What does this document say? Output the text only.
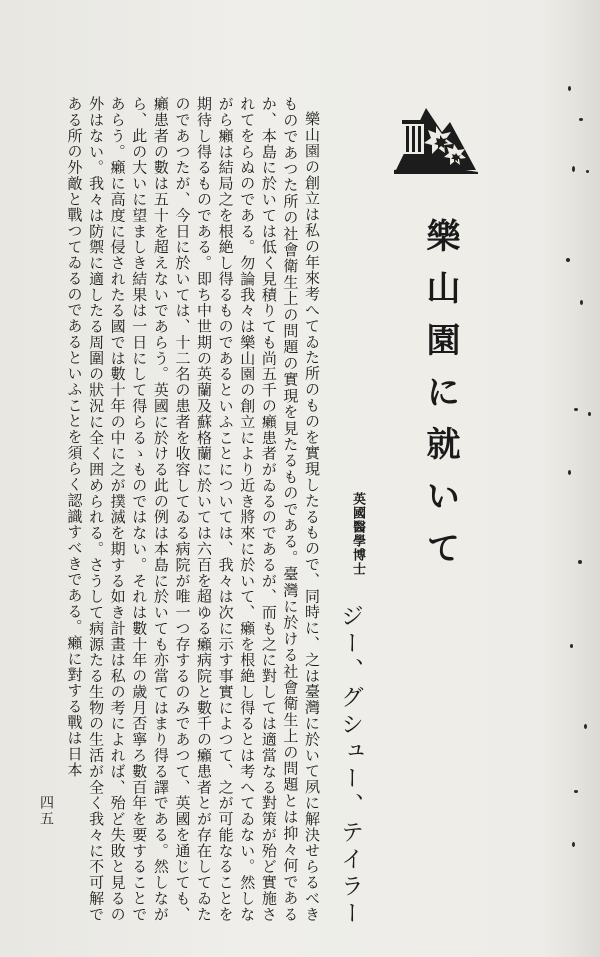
樂山園に就いて
英國醫學博士
ジー、グシュー、テイラー

樂山園の創立は私の年來考へてゐた所のものを實現したるもので、同時に、之は臺灣に於いて夙に解決せらるべきものであつた所の社會衛生上の問題の實現を見たるものである。臺灣に於ける社會衛生上の問題とは抑々何であるか、本島に於いては低く見積りても尚五千の癩患者がゐるのであるが、而も之に對しては適當なる對策が殆ど實施されてをらぬのである。勿論我々は樂山園の創立により近き將來に於いて、癩を根絶し得るとは考へてゐない。然しながら癩は結局之を根絶し得るものであるといふことについては、我々は次に示す事實によつて、之が可能なることを期待し得るものである。即ち中世期の英蘭及蘇格蘭に於いては六百を超ゆる癩病院と數千の癩患者とが存在してゐたのであつたが、今日に於いては、十二名の患者を收容してゐる病院が唯一つ存するのみであつて、英國を通じても、癩患者の數は五十を超えないであらう。英國に於ける此の例は本島に於いても亦當てはまり得る譯である。然しながら、此の大いに望ましき結果は一日にして得らるゝものではない。それは數十年の歳月否寧ろ數百年を要することであらう。癩に高度に侵されたる國では數十年の中に之が撲滅を期する如き計畫は私の考によれば、殆ど失敗と見るの外はない。我々は防禦に適したる周圍の狀況に全く囲められる。さうして病源たる生物の生活が全く我々に不可解である所の外敵と戰つてゐるのであるといふことを須らく認識すべきである。癩に對する戰は日本

四五
